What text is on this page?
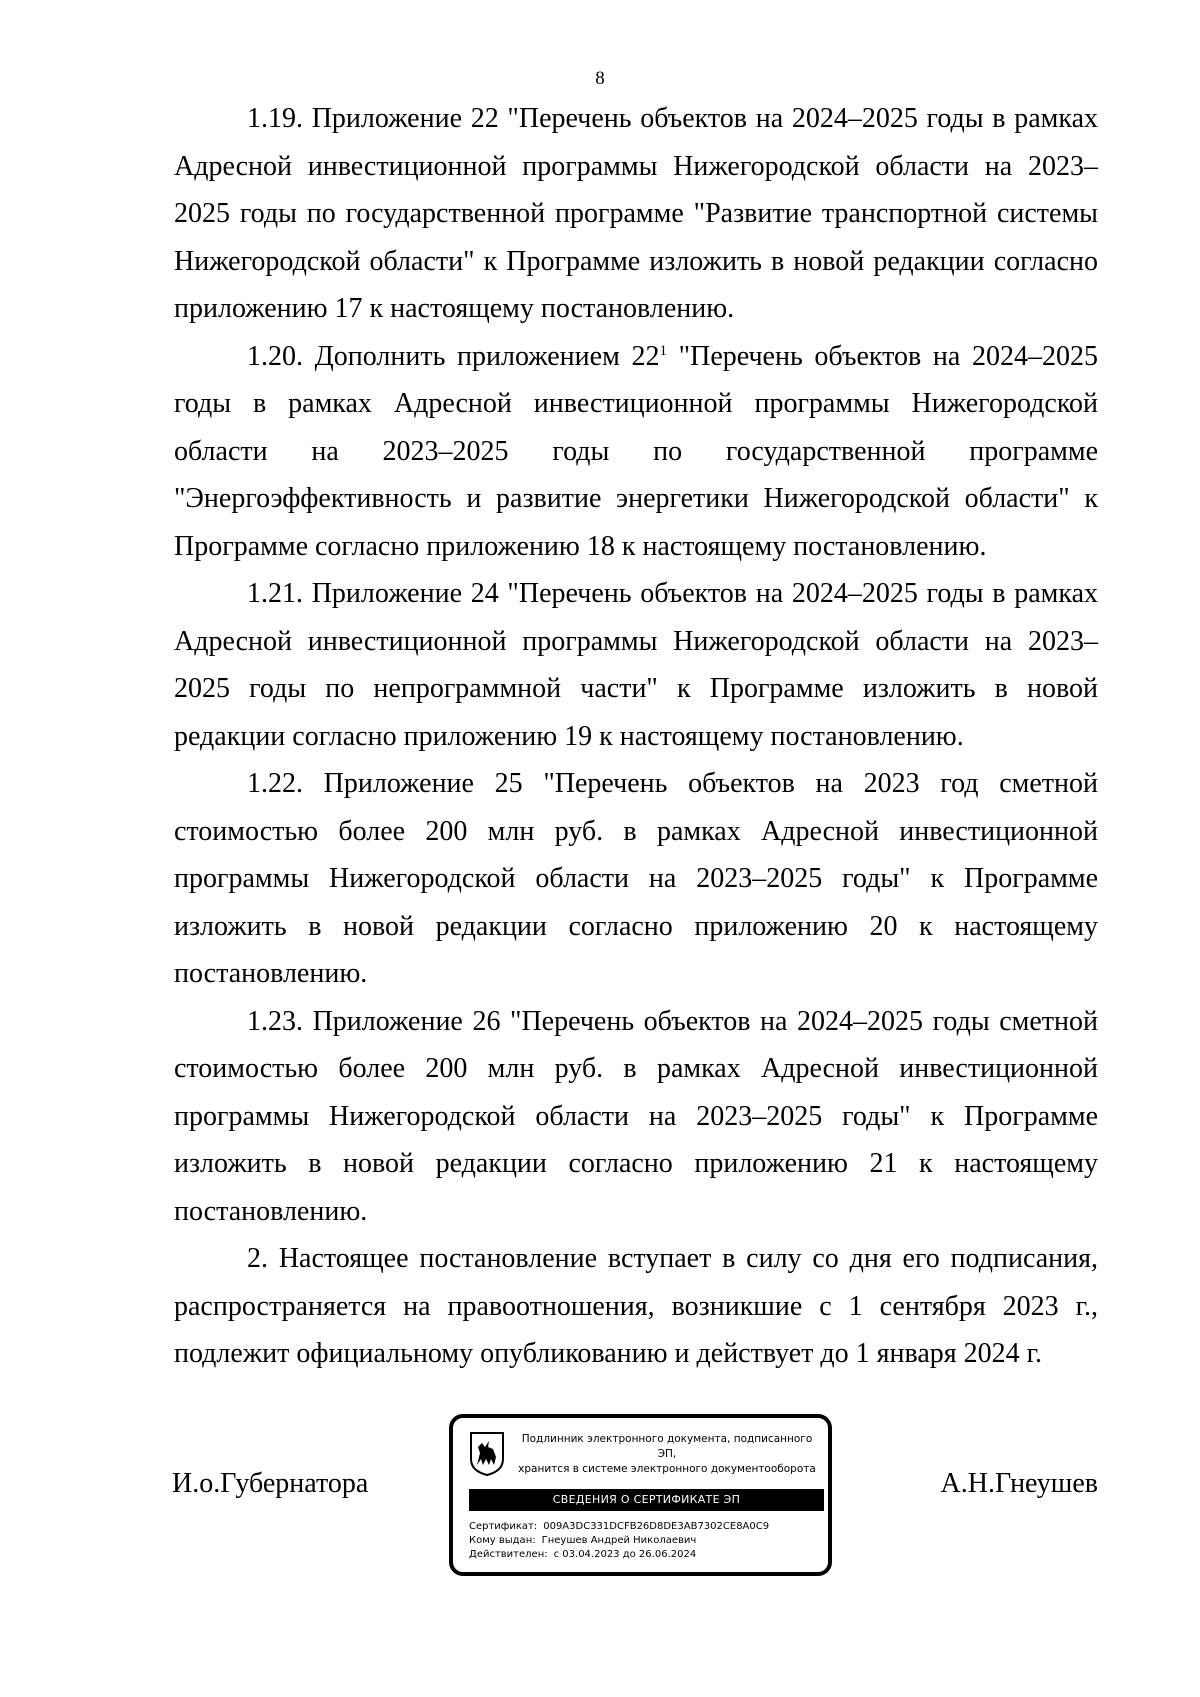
8

1.19. Приложение 22 "Перечень объектов на 2024–2025 годы в рамках Адресной инвестиционной программы Нижегородской области на 2023–2025 годы по государственной программе "Развитие транспортной системы Нижегородской области" к Программе изложить в новой редакции согласно приложению 17 к настоящему постановлению.

1.20. Дополнить приложением $22^1$ "Перечень объектов на 2024–2025 годы в рамках Адресной инвестиционной программы Нижегородской области на 2023–2025 годы по государственной программе "Энергоэффективность и развитие энергетики Нижегородской области" к Программе согласно приложению 18 к настоящему постановлению.

1.21. Приложение 24 "Перечень объектов на 2024–2025 годы в рамках Адресной инвестиционной программы Нижегородской области на 2023–2025 годы по непрограммной части" к Программе изложить в новой редакции согласно приложению 19 к настоящему постановлению.

1.22. Приложение 25 "Перечень объектов на 2023 год сметной стоимостью более 200 млн руб. в рамках Адресной инвестиционной программы Нижегородской области на 2023–2025 годы" к Программе изложить в новой редакции согласно приложению 20 к настоящему постановлению.

1.23. Приложение 26 "Перечень объектов на 2024–2025 годы сметной стоимостью более 200 млн руб. в рамках Адресной инвестиционной программы Нижегородской области на 2023–2025 годы" к Программе изложить в новой редакции согласно приложению 21 к настоящему постановлению.

2. Настоящее постановление вступает в силу со дня его подписания, распространяется на правоотношения, возникшие с 1 сентября 2023 г., подлежит официальному опубликованию и действует до 1 января 2024 г.

И.о.Губернатора
Подлинник электронного документа, подписанного ЭП,
хранится в системе электронного документооборота
СВЕДЕНИЯ О СЕРТИФИКАТЕ ЭП
Сертификат: 009A3DC331DCFB26D8DE3AB7302CE8A0C9
Кому выдан: Гнеушев Андрей Николаевич
Действителен: с 03.04.2023 до 26.06.2024
А.Н.Гнеушев
